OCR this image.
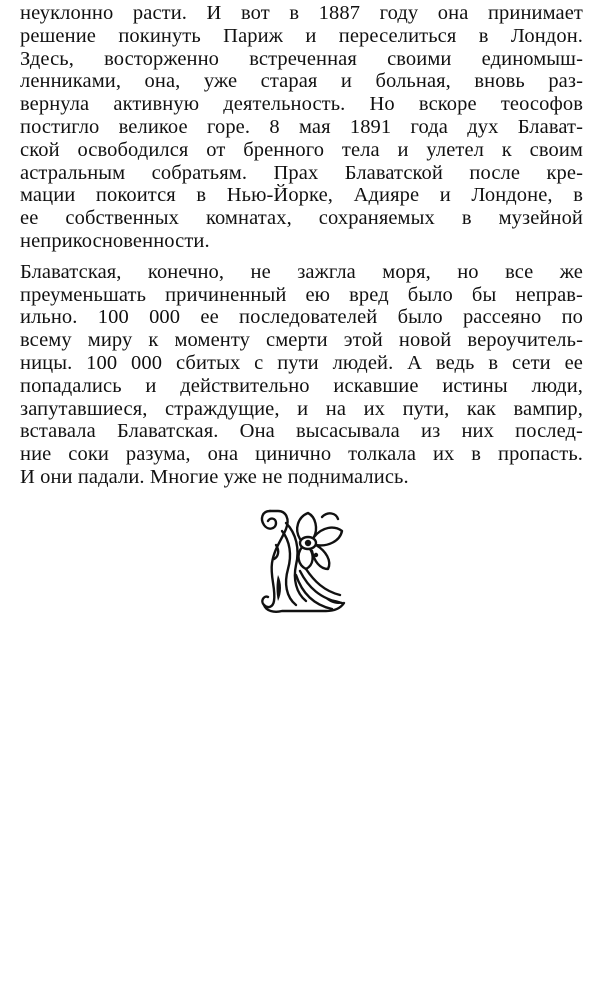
неуклонно расти. И вот в 1887 году она принимает
решение покинуть Париж и переселиться в Лондон.
Здесь, восторженно встреченная своими единомыш-
ленниками, она, уже старая и больная, вновь раз-
вернула активную деятельность. Но вскоре теософов
постигло великое горе. 8 мая 1891 года дух Блават-
ской освободился от бренного тела и улетел к своим
астральным собратьям. Прах Блаватской после кре-
мации покоится в Нью-Йорке, Адияре и Лондоне, в
ее собственных комнатах, сохраняемых в музейной
неприкосновенности.
Блаватская, конечно, не зажгла моря, но все же
преуменьшать причиненный ею вред было бы неправ-
ильно. 100 000 ее последователей было рассеяно по
всему миру к моменту смерти этой новой вероучитель-
ницы. 100 000 сбитых с пути людей. А ведь в сети ее
попадались и действительно искавшие истины люди,
запутавшиеся, страждущие, и на их пути, как вампир,
вставала Блаватская. Она высасывала из них послед-
ние соки разума, она цинично толкала их в пропасть.
И они падали. Многие уже не поднимались.
